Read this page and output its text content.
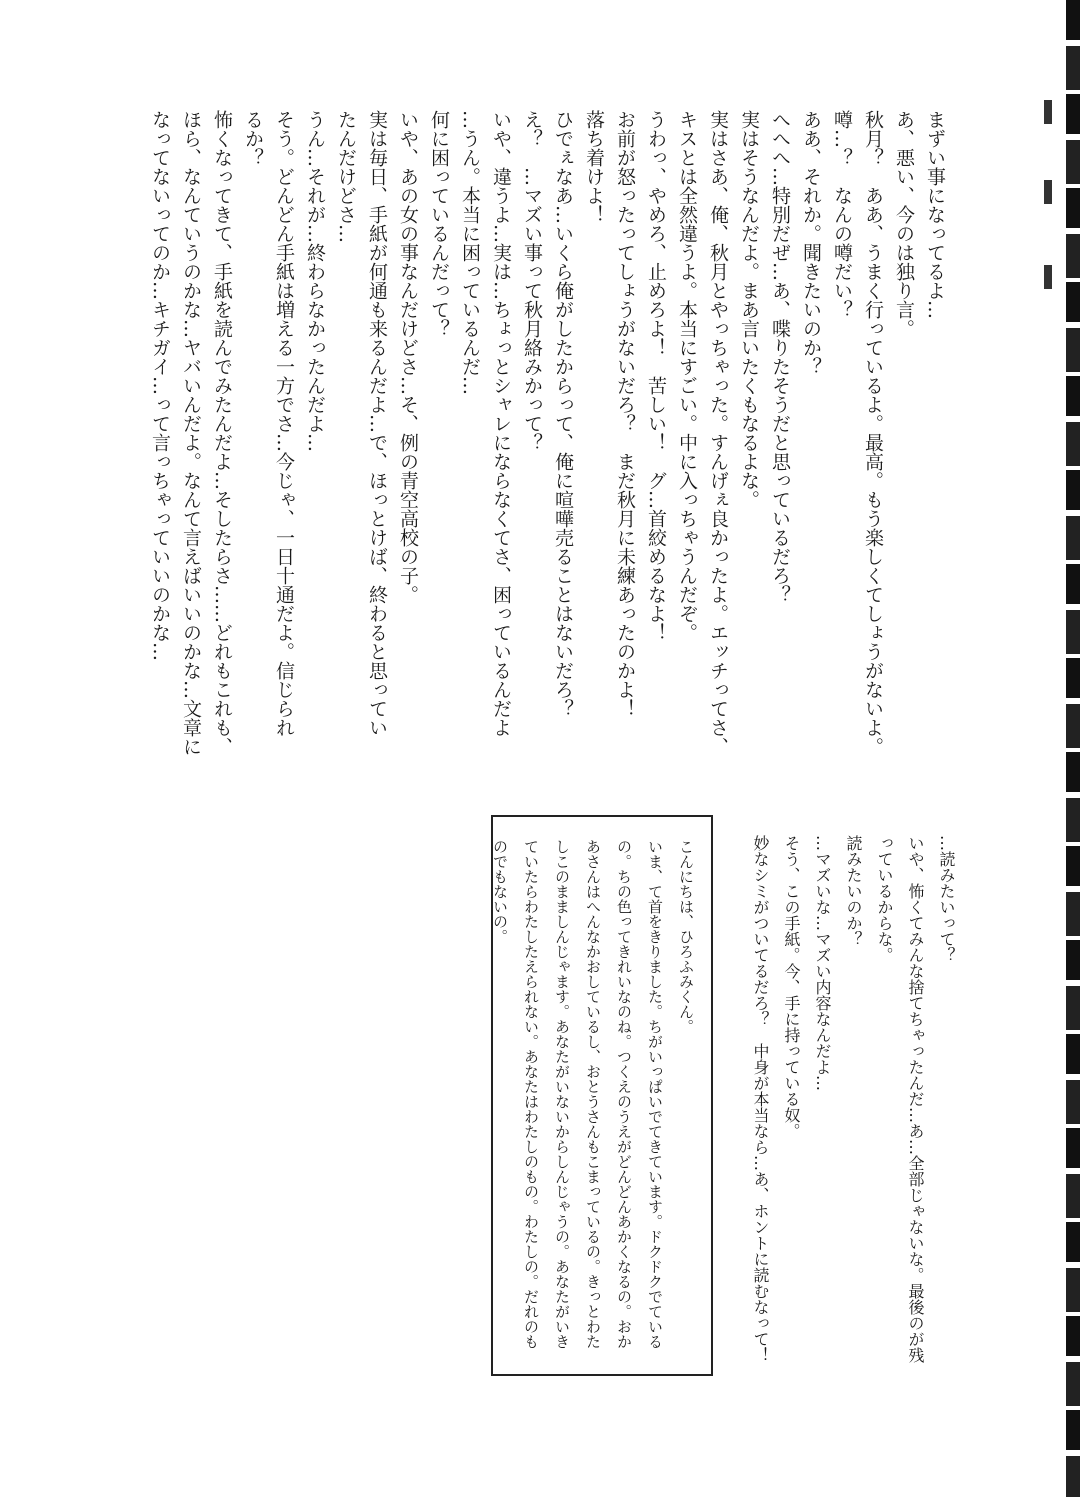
まずい事になってるよ…

あ、悪い、今のは独り言。

秋月？　ああ、うまく行っているよ。最高。もう楽しくてしょうがないよ。

噂…？　なんの噂だい？

ああ、それか。聞きたいのか？

へへへ…特別だぜ…あ、喋りたそうだと思っているだろ？

実はそうなんだよ。まあ言いたくもなるよな。

実はさあ、俺、秋月とやっちゃった。すんげぇ良かったよ。エッチってさ、

キスとは全然違うよ。本当にすごい。中に入っちゃうんだぞ。

うわっ、やめろ、止めろよ！　苦しい！　グ…首絞めるなよ！

お前が怒ったってしょうがないだろ？　まだ秋月に未練あったのかよ！

落ち着けよ！

ひでぇなあ…いくら俺がしたからって、俺に喧嘩売ることはないだろ？

え？　…マズい事って秋月絡みかって？

いや、違うよ…実は…ちょっとシャレにならなくてさ、困っているんだよ

…うん。本当に困っているんだ…

何に困っているんだって？

いや、あの女の事なんだけどさ…そ、例の青空高校の子。

実は毎日、手紙が何通も来るんだよ…で、ほっとけば、終わると思ってい

たんだけどさ…

うん…それが…終わらなかったんだよ…

そう。どんどん手紙は増える一方でさ…今じゃ、一日十通だよ。信じられ

るか？

怖くなってきて、手紙を読んでみたんだよ…そしたらさ……どれもこれも、

ほら、なんていうのかな…ヤバいんだよ。なんて言えばいいのかな…文章に

なってないってのか…キチガイ…って言っちゃっていいのかな…

…読みたいって？

いや、怖くてみんな捨てちゃったんだ…あ…全部じゃないな。最後のが残

っているからな。

読みたいのか？

…マズいな…マズい内容なんだよ…

そう、この手紙。今、手に持っている奴。

妙なシミがついてるだろ？　中身が本当なら…あ、ホントに読むなって！

こんにちは、ひろふみくん。

いま、て首をきりました。ちがいっぱいでてきています。ドクドクでている

の。ちの色ってきれいなのね。つくえのうえがどんどんあかくなるの。おか

あさんはへんなかおしているし、おとうさんもこまっているの。きっとわた

しこのまましんじゃます。あなたがいないからしんじゃうの。あなたがいき

ていたらわたしたえられない。あなたはわたしのもの。わたしの。だれのも

のでもないの。
